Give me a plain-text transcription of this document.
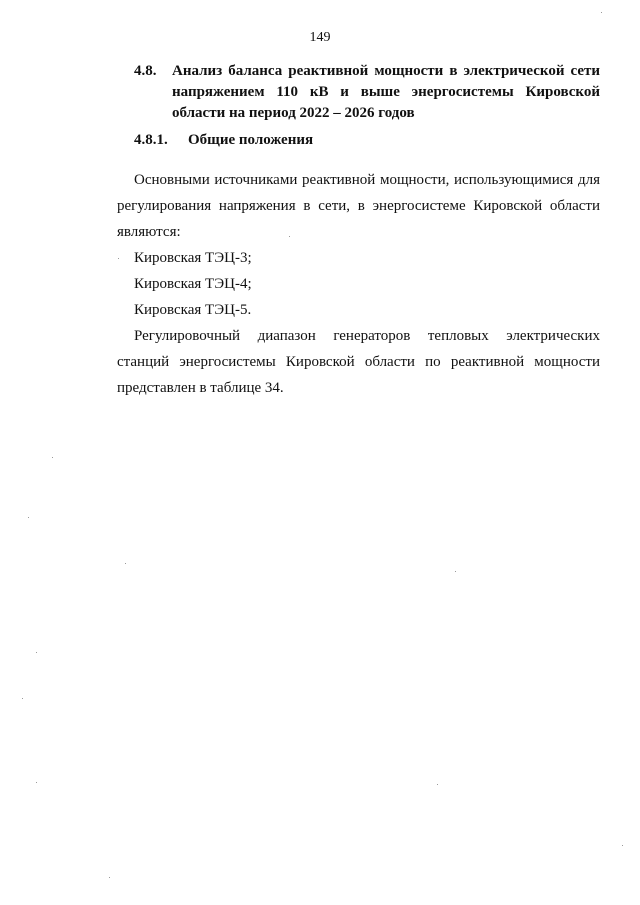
149
4.8.	Анализ баланса реактивной мощности в электрической сети напряжением 110 кВ и выше энергосистемы Кировской области на период 2022 – 2026 годов
4.8.1. Общие положения

Основными источниками реактивной мощности, использующимися для регулирования напряжения в сети, в энергосистеме Кировской области являются:

Кировская ТЭЦ-3;

Кировская ТЭЦ-4;

Кировская ТЭЦ-5.

Регулировочный диапазон генераторов тепловых электрических станций энергосистемы Кировской области по реактивной мощности представлен в таблице 34.
